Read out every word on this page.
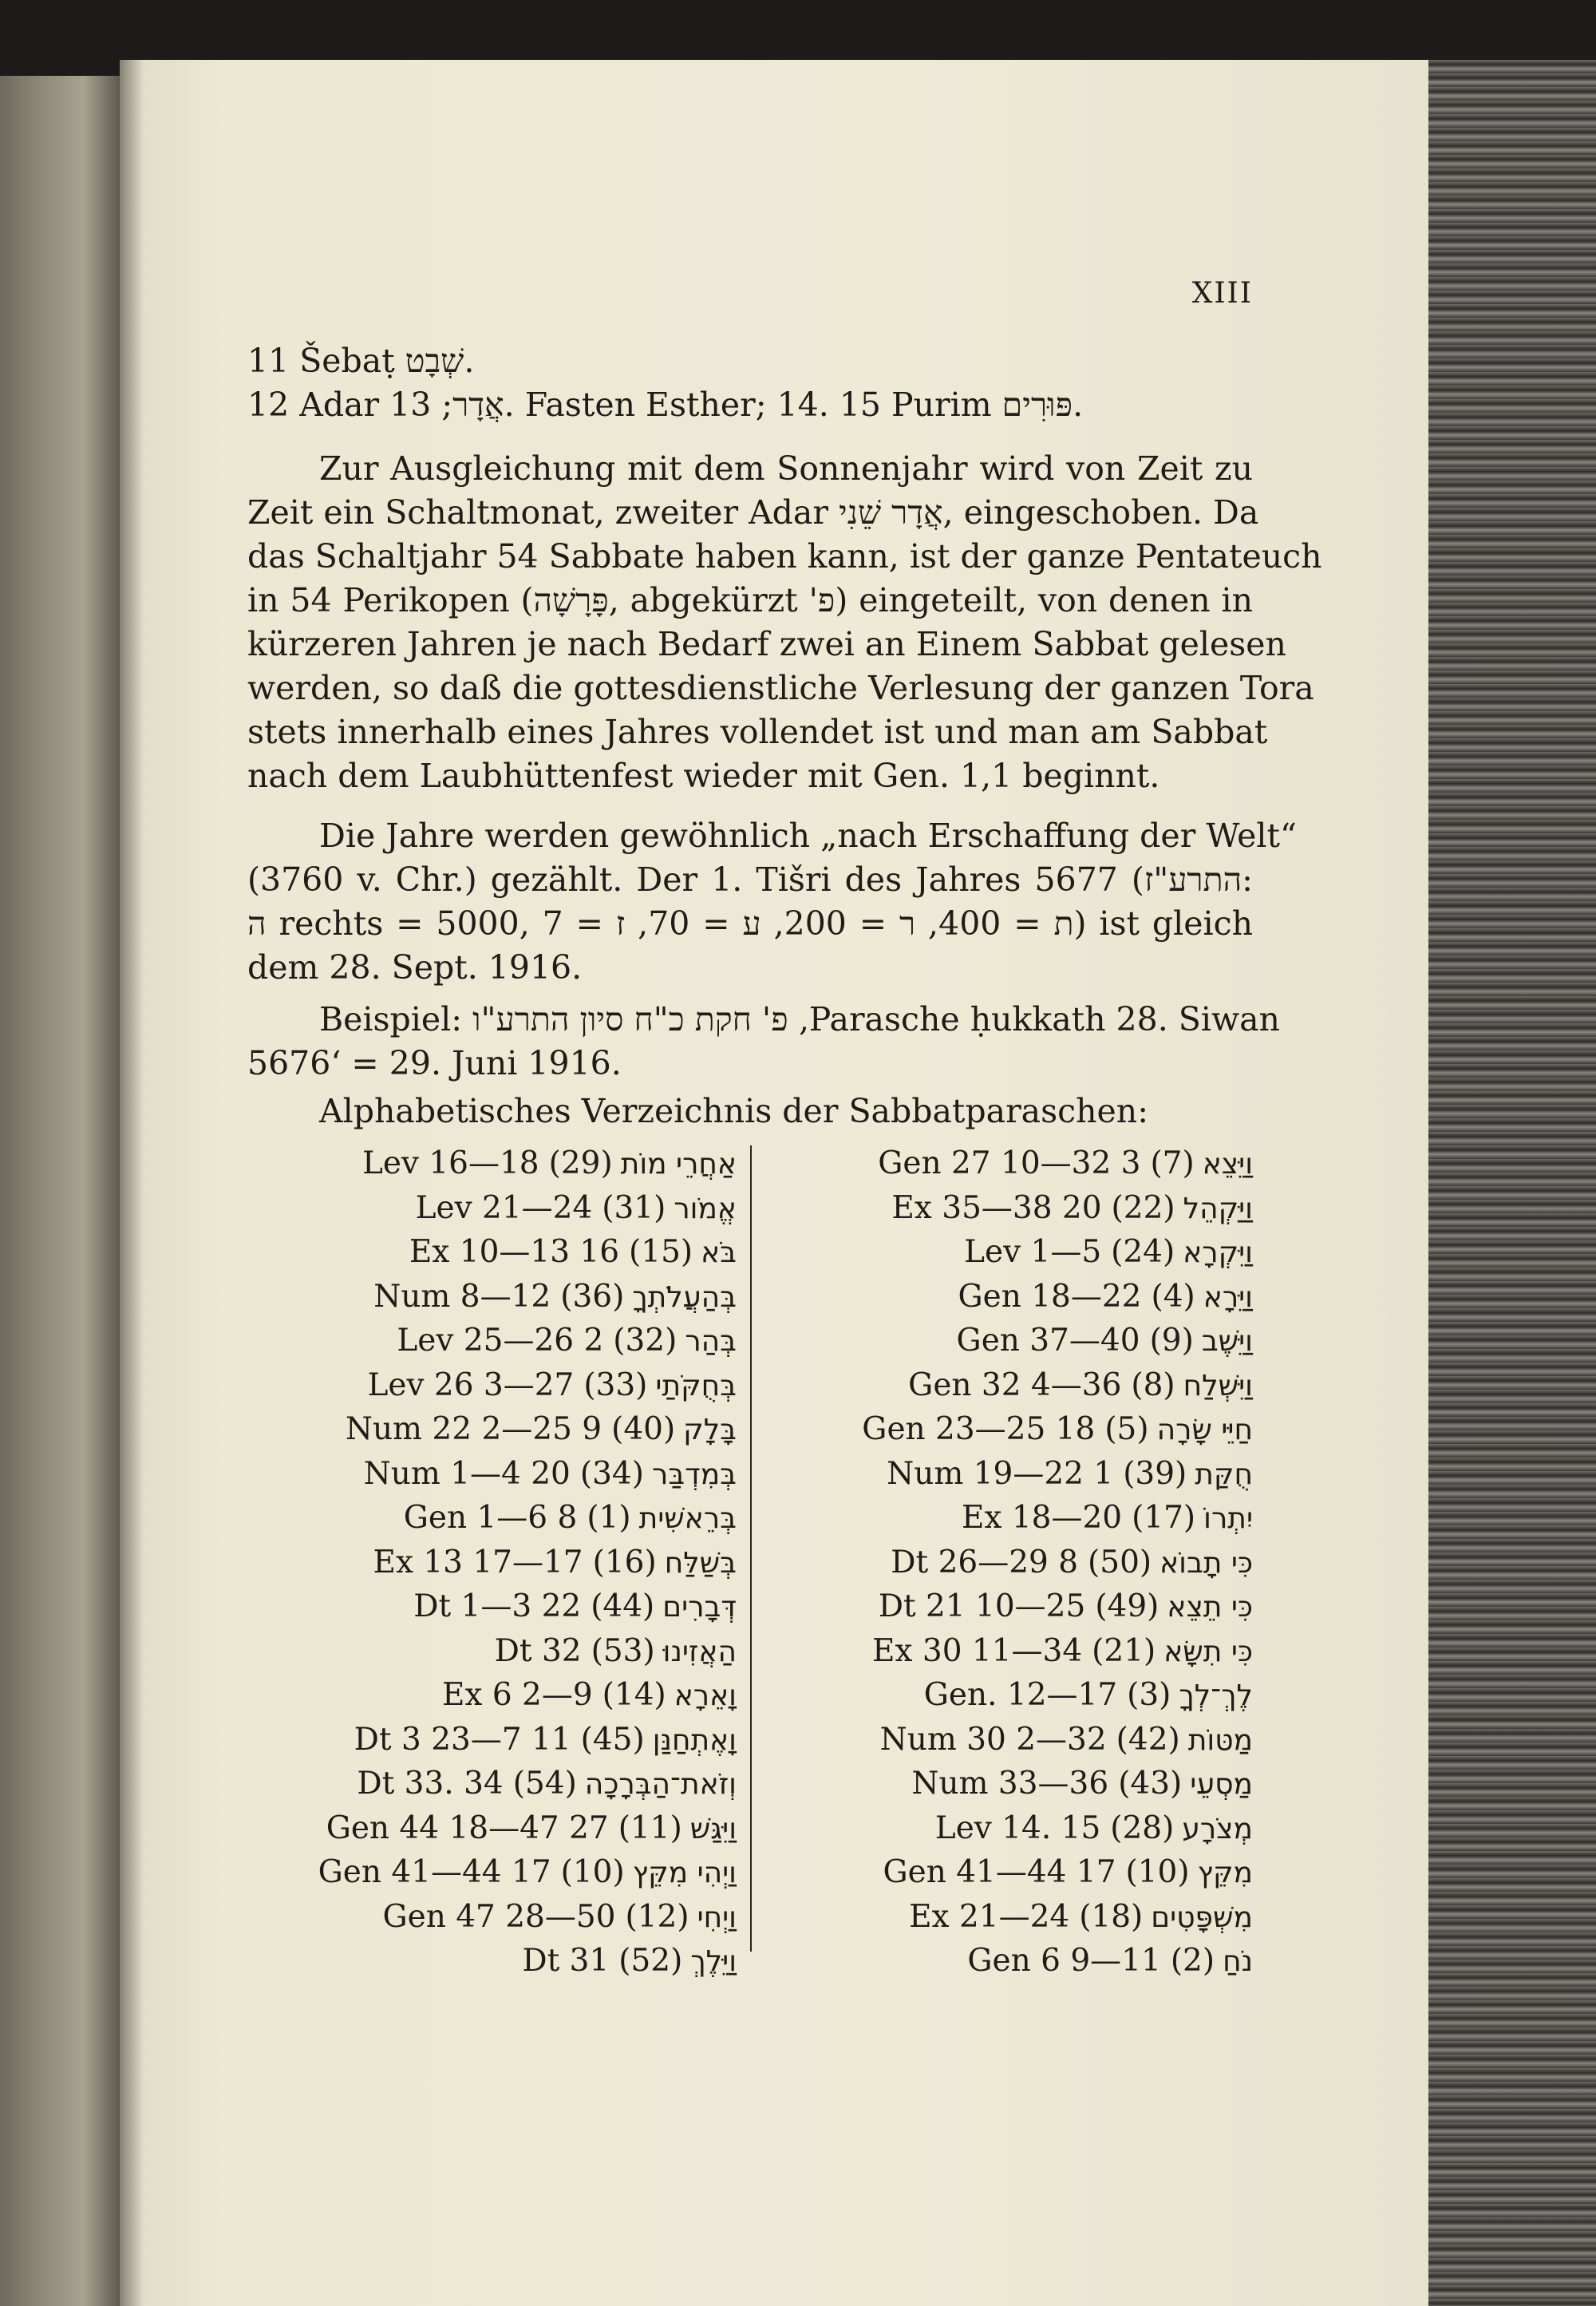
XIII
11 Šebaṭ שְׁבָט.
12 Adar אֲדָר; 13. Fasten Esther; 14. 15 Purim פּוּרִים.
Zur Ausgleichung mit dem Sonnenjahr wird von Zeit zu
Zeit ein Schaltmonat, zweiter Adar אֲדָר שֵׁנִי, eingeschoben. Da
das Schaltjahr 54 Sabbate haben kann, ist der ganze Pentateuch
in 54 Perikopen (פָּרָשָׁה, abgekürzt 'פ) eingeteilt, von denen in
kürzeren Jahren je nach Bedarf zwei an Einem Sabbat gelesen
werden, so daß die gottesdienstliche Verlesung der ganzen Tora
stets innerhalb eines Jahres vollendet ist und man am Sabbat
nach dem Laubhüttenfest wieder mit Gen. 1,1 beginnt.
Die Jahre werden gewöhnlich „nach Erschaffung der Welt“
(3760 v. Chr.) gezählt. Der 1. Tišri des Jahres 5677 (התרע"ז:
ה rechts = 5000, ת = 400, ר = 200, ע = 70, ז = 7) ist gleich
dem 28. Sept. 1916.
Beispiel: פ' חקת כ"ח סיון התרע"ו ‚Parasche ḥukkath 28. Siwan
5676‘ = 29. Juni 1916.
Alphabetisches Verzeichnis der Sabbatparaschen:
Lev 16—18 (29) אַחֲרֵי מוֹת
Lev 21—24 (31) אֱמֹור
Ex 10—13 16 (15) בֹּא
Num 8—12 (36) בְּהַעֲלֹתְךָ
Lev 25—26 2 (32) בְּהַר
Lev 26 3—27 (33) בְּחֻקֹּתַי
Num 22 2—25 9 (40) בָּלָק
Num 1—4 20 (34) בְּמִדְבַּר
Gen 1—6 8 (1) בְּרֵאשִׁית
Ex 13 17—17 (16) בְּשַׁלַּח
Dt 1—3 22 (44) דְּבָרִים
Dt 32 (53) הַאֲזִינוּ
Ex 6 2—9 (14) וָאֵרָא
Dt 3 23—7 11 (45) וָאֶתְחַנַּן
Dt 33. 34 (54) וְזֹאת־הַבְּרָכָה
Gen 44 18—47 27 (11) וַיִּגַּשׁ
Gen 41—44 17 (10) וַיְהִי מִקֵּץ
Gen 47 28—50 (12) וַיְחִי
Dt 31 (52) וַיֵּלֶךְ
Gen 27 10—32 3 (7) וַיֵּצֵא
Ex 35—38 20 (22) וַיַּקְהֵל
Lev 1—5 (24) וַיִּקְרָא
Gen 18—22 (4) וַיֵּרָא
Gen 37—40 (9) וַיֵּשֶׁב
Gen 32 4—36 (8) וַיִּשְׁלַח
Gen 23—25 18 (5) חַיֵּי שָׂרָה
Num 19—22 1 (39) חֻקַּת
Ex 18—20 (17) יִתְרוֹ
Dt 26—29 8 (50) כִּי תָבוֹא
Dt 21 10—25 (49) כִּי תֵצֵא
Ex 30 11—34 (21) כִּי תִשָּׂא
Gen. 12—17 (3) לֶךְ־לְךָ
Num 30 2—32 (42) מַטּוֹת
Num 33—36 (43) מַסְעֵי
Lev 14. 15 (28) מְצֹרָע
Gen 41—44 17 (10) מִקֵּץ
Ex 21—24 (18) מִשְׁפָּטִים
Gen 6 9—11 (2) נֹחַ
